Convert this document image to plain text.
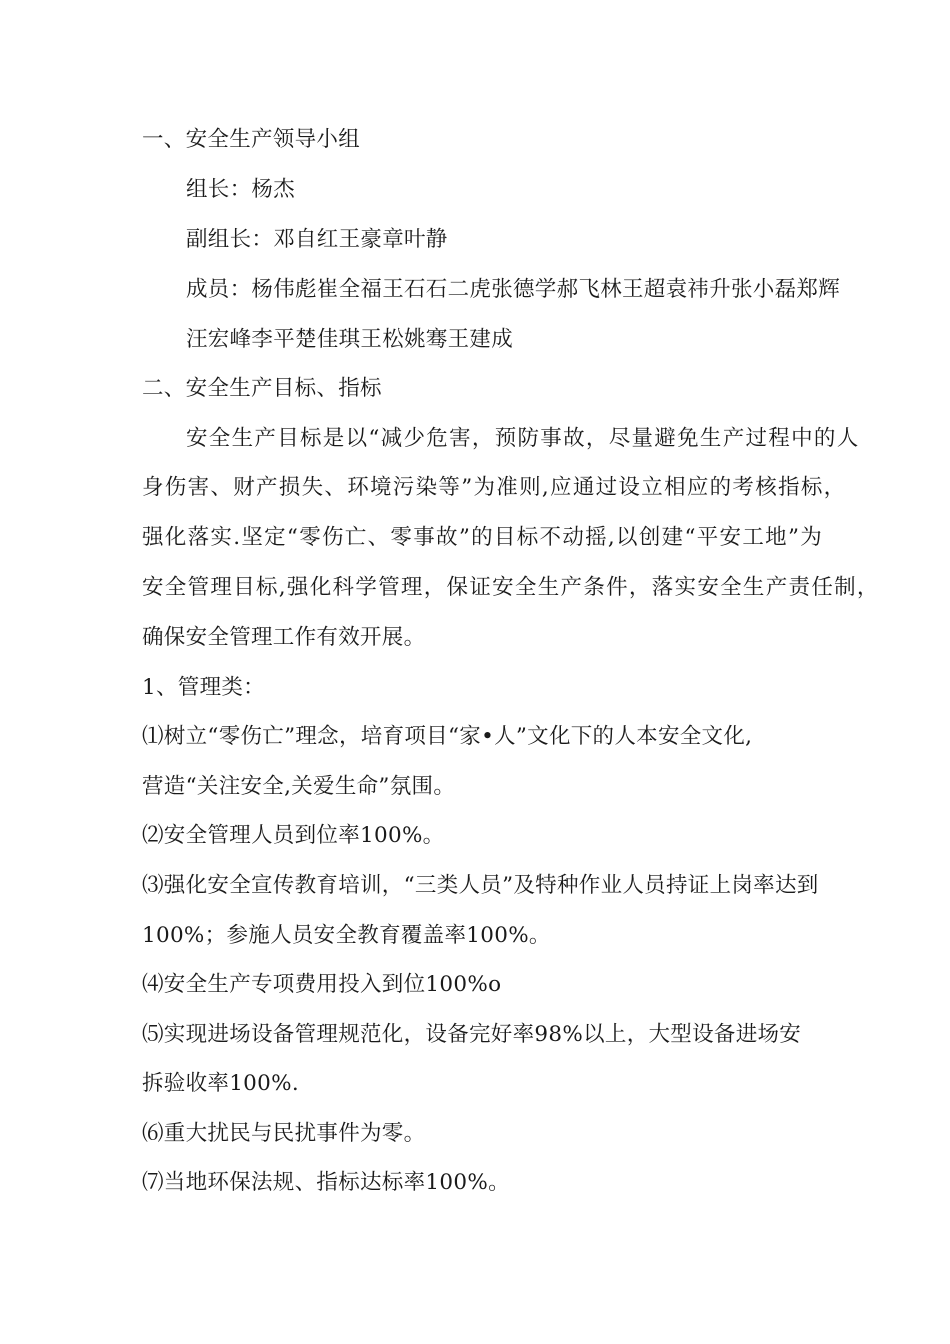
一、安全生产领导小组
组长：杨杰
副组长：邓自红王豪章叶静
成员：杨伟彪崔全福王石石二虎张德学郝飞林王超袁祎升张小磊郑辉
汪宏峰李平楚佳琪王松姚骞王建成
二、安全生产目标、指标
安全生产目标是以“减少危害，预防事故，尽量避免生产过程中的人
身伤害、财产损失、环境污染等”为准则,应通过设立相应的考核指标，
强化落实.坚定“零伤亡、零事故”的目标不动摇,以创建“平安工地”为
安全管理目标,强化科学管理，保证安全生产条件，落实安全生产责任制，
确保安全管理工作有效开展。
1、管理类：
⑴树立“零伤亡”理念，培育项目“家•人”文化下的人本安全文化,
营造“关注安全,关爱生命”氛围。
⑵安全管理人员到位率100%。
⑶强化安全宣传教育培训，“三类人员”及特种作业人员持证上岗率达到
100%；参施人员安全教育覆盖率100%。
⑷安全生产专项费用投入到位100%o
⑸实现进场设备管理规范化，设备完好率98%以上，大型设备进场安
拆验收率100%.
⑹重大扰民与民扰事件为零。
⑺当地环保法规、指标达标率100%。
